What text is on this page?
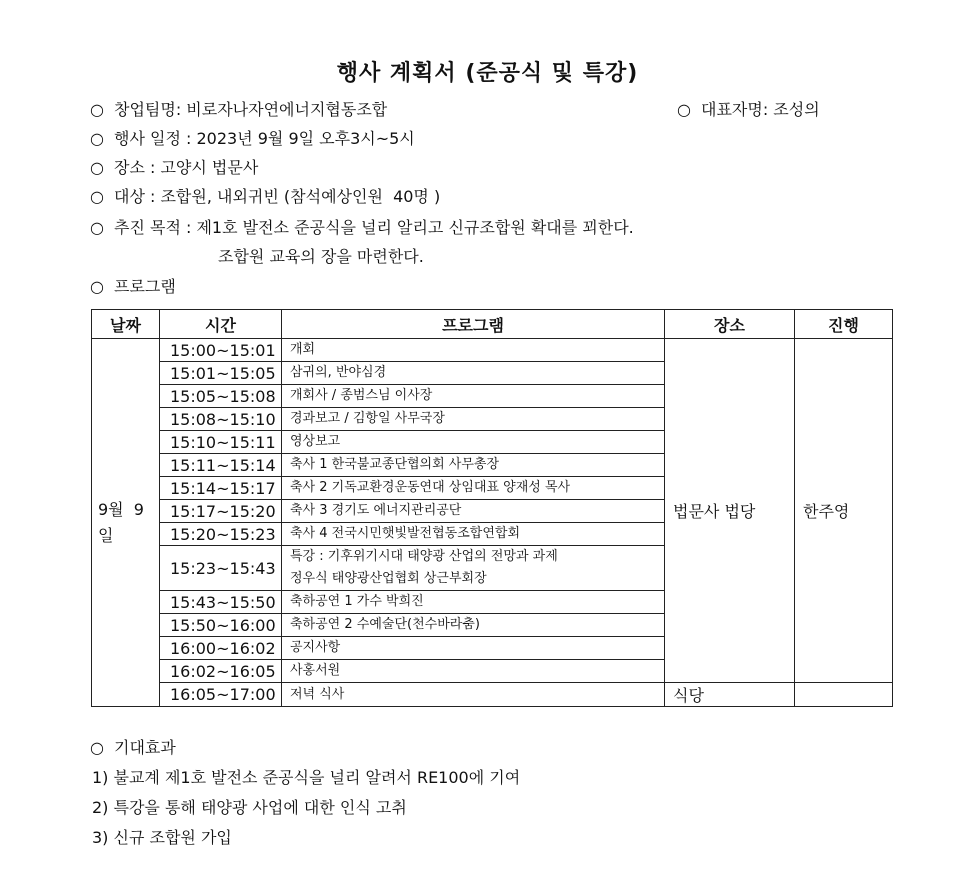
행사 계획서 (준공식 및 특강)
○ 창업팀명: 비로자나자연에너지협동조합	○ 대표자명: 조성의
○ 행사 일정 : 2023년 9월 9일 오후3시~5시
○ 장소 : 고양시 법문사
○ 대상 : 조합원, 내외귀빈 (참석예상인원  40명 )
○ 추진 목적 : 제1호 발전소 준공식을 널리 알리고 신규조합원 확대를 꾀한다.
조합원 교육의 장을 마련한다.
○ 프로그램
날짜	시간	프로그램	장소	진행
9월  9
일	15:00~15:01	개회	법문사 법당	한주영
	15:01~15:05	삼귀의, 반야심경		
	15:05~15:08	개회사 / 종범스님 이사장		
	15:08~15:10	경과보고 / 김항일 사무국장		
	15:10~15:11	영상보고		
	15:11~15:14	축사 1 한국불교종단협의회 사무총장		
	15:14~15:17	축사 2 기독교환경운동연대 상임대표 양재성 목사		
	15:17~15:20	축사 3 경기도 에너지관리공단		
	15:20~15:23	축사 4 전국시민햇빛발전협동조합연합회		
	15:23~15:43	특강 : 기후위기시대 태양광 산업의 전망과 과제
정우식 태양광산업협회 상근부회장		
	15:43~15:50	축하공연 1 가수 박희진		
	15:50~16:00	축하공연 2 수예술단(천수바라춤)		
	16:00~16:02	공지사항		
	16:02~16:05	사홍서원		
	16:05~17:00	저녁 식사	식당	
○ 기대효과
1) 불교계 제1호 발전소 준공식을 널리 알려서 RE100에 기여
2) 특강을 통해 태양광 사업에 대한 인식 고취
3) 신규 조합원 가입
